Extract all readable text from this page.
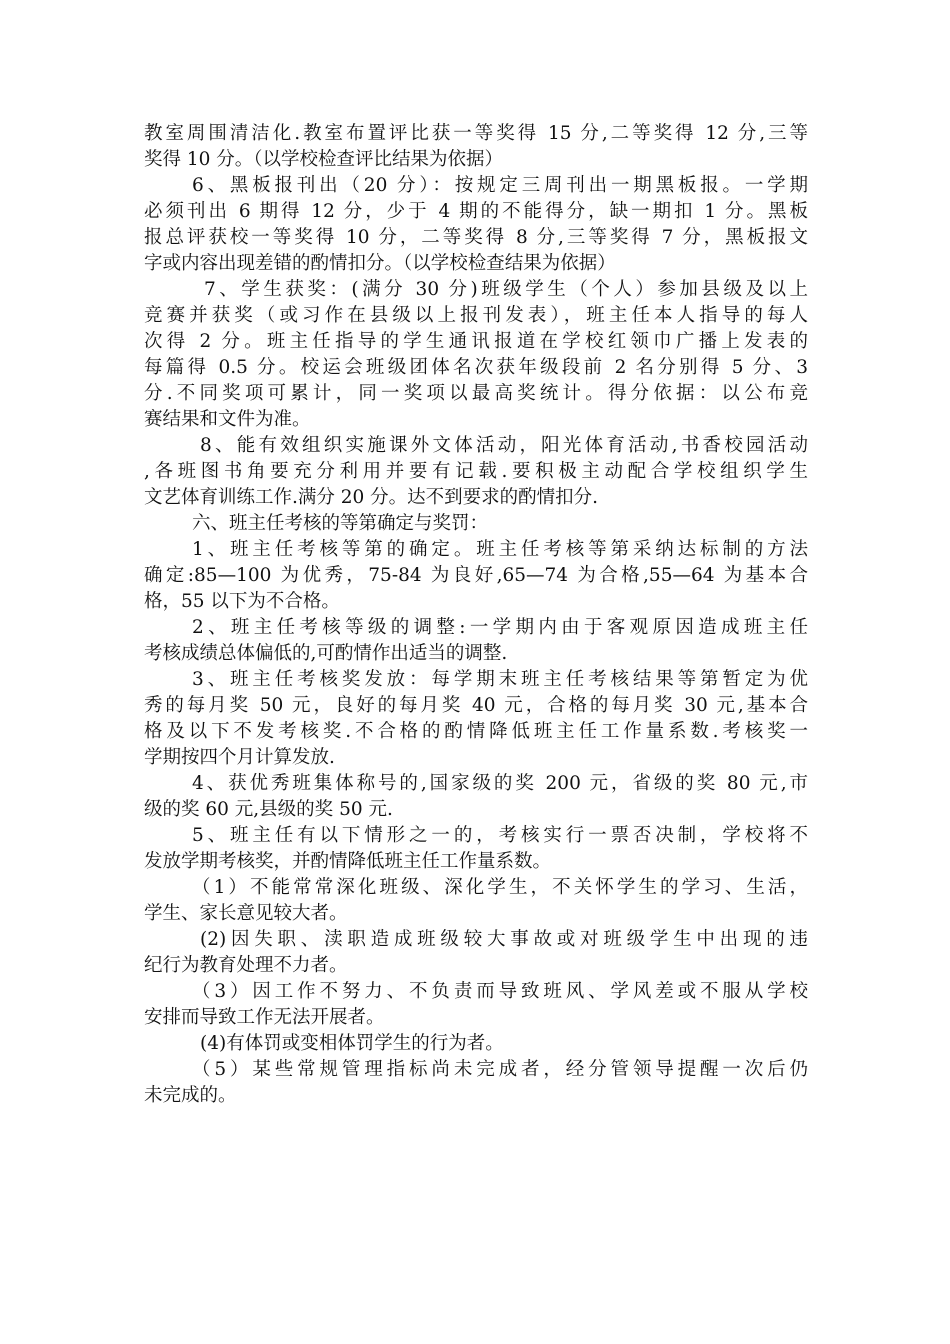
教室周围清洁化.教室布置评比获一等奖得 15 分,二等奖得 12 分,三等
奖得 10 分。（以学校检查评比结果为依据）
6、黑板报刊出（20 分）：按规定三周刊出一期黑板报。一学期
必须刊出 6 期得 12 分，少于 4 期的不能得分，缺一期扣 1 分。黑板
报总评获校一等奖得 10 分，二等奖得 8 分,三等奖得 7 分，黑板报文
字或内容出现差错的酌情扣分。（以学校检查结果为依据）
7、学生获奖：(满分 30 分)班级学生（个人）参加县级及以上
竞赛并获奖（或习作在县级以上报刊发表），班主任本人指导的每人
次得 2 分。班主任指导的学生通讯报道在学校红领巾广播上发表的
每篇得 0.5 分。校运会班级团体名次获年级段前 2 名分别得 5 分、3
分.不同奖项可累计，同一奖项以最高奖统计。得分依据：以公布竞
赛结果和文件为准。
8、能有效组织实施课外文体活动，阳光体育活动,书香校园活动
,各班图书角要充分利用并要有记载.要积极主动配合学校组织学生
文艺体育训练工作.满分 20 分。达不到要求的酌情扣分.
六、班主任考核的等第确定与奖罚：
1、班主任考核等第的确定。班主任考核等第采纳达标制的方法
确定:85—100 为优秀，75-84 为良好,65—74 为合格,55—64 为基本合
格，55 以下为不合格。
2、班主任考核等级的调整:一学期内由于客观原因造成班主任
考核成绩总体偏低的,可酌情作出适当的调整.
3、班主任考核奖发放：每学期末班主任考核结果等第暂定为优
秀的每月奖 50 元，良好的每月奖 40 元，合格的每月奖 30 元,基本合
格及以下不发考核奖.不合格的酌情降低班主任工作量系数.考核奖一
学期按四个月计算发放.
4、获优秀班集体称号的,国家级的奖 200 元，省级的奖 80 元,市
级的奖 60 元,县级的奖 50 元.
5、班主任有以下情形之一的，考核实行一票否决制，学校将不
发放学期考核奖，并酌情降低班主任工作量系数。
（1）不能常常深化班级、深化学生，不关怀学生的学习、生活，
学生、家长意见较大者。
(2)因失职、渎职造成班级较大事故或对班级学生中出现的违
纪行为教育处理不力者。
（3）因工作不努力、不负责而导致班风、学风差或不服从学校
安排而导致工作无法开展者。
(4)有体罚或变相体罚学生的行为者。
（5）某些常规管理指标尚未完成者，经分管领导提醒一次后仍
未完成的。
